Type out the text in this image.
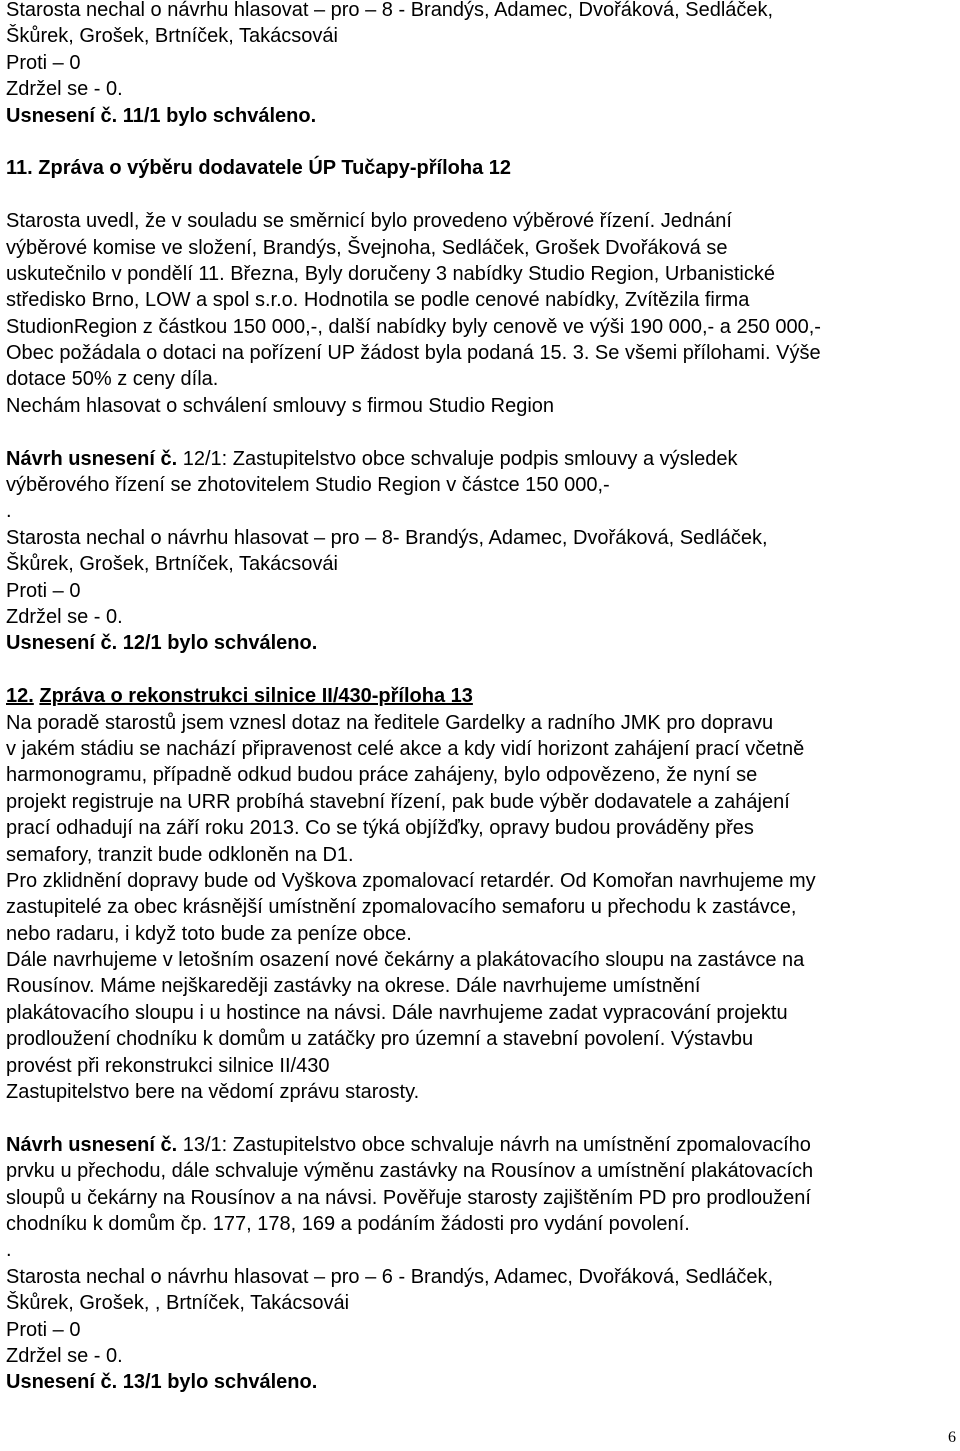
Starosta nechal o návrhu hlasovat – pro – 8 - Brandýs, Adamec, Dvořáková, Sedláček,
Škůrek, Grošek, Brtníček, Takácsovái
Proti – 0
Zdržel se - 0.
Usnesení č. 11/1 bylo schváleno.
11. Zpráva o výběru dodavatele ÚP Tučapy-příloha 12
Starosta uvedl, že v souladu se směrnicí bylo provedeno výběrové řízení. Jednání
výběrové komise ve složení, Brandýs, Švejnoha, Sedláček, Grošek Dvořáková se
uskutečnilo v pondělí 11. Března, Byly doručeny 3 nabídky Studio Region, Urbanistické
středisko Brno, LOW a spol s.r.o. Hodnotila se podle cenové nabídky, Zvítězila firma
StudionRegion z částkou 150 000,-, další nabídky byly cenově ve výši 190 000,- a 250 000,-
Obec požádala o dotaci na pořízení UP žádost byla podaná 15. 3. Se všemi přílohami. Výše
dotace 50% z ceny díla.
Nechám hlasovat o schválení smlouvy s firmou Studio Region
Návrh usnesení č. 12/1: Zastupitelstvo obce schvaluje podpis smlouvy a výsledek
výběrového řízení se zhotovitelem Studio Region v částce 150 000,-
.
Starosta nechal o návrhu hlasovat – pro – 8- Brandýs, Adamec, Dvořáková, Sedláček,
Škůrek, Grošek, Brtníček, Takácsovái
Proti – 0
Zdržel se - 0.
Usnesení č. 12/1 bylo schváleno.
12. Zpráva o rekonstrukci silnice II/430-příloha 13
Na poradě starostů jsem vznesl dotaz na ředitele Gardelky a radního JMK pro dopravu
v jakém stádiu se nachází připravenost celé akce a kdy vidí horizont zahájení prací včetně
harmonogramu, případně odkud budou práce zahájeny, bylo odpovězeno, že nyní se
projekt registruje na URR probíhá stavební řízení, pak bude výběr dodavatele a zahájení
prací odhadují na září roku 2013. Co se týká objížďky, opravy budou prováděny přes
semafory, tranzit bude odkloněn na D1.
Pro zklidnění dopravy bude od Vyškova zpomalovací retardér. Od Komořan navrhujeme my
zastupitelé za obec krásnější umístnění zpomalovacího semaforu u přechodu k zastávce,
nebo radaru, i když toto bude za peníze obce.
Dále navrhujeme v letošním osazení nové čekárny a plakátovacího sloupu na zastávce na
Rousínov. Máme nejškareději zastávky na okrese. Dále navrhujeme umístnění
plakátovacího sloupu i u hostince na návsi. Dále navrhujeme zadat vypracování projektu
prodloužení chodníku k domům u zatáčky pro územní a stavební povolení. Výstavbu
provést při rekonstrukci silnice II/430
Zastupitelstvo bere na vědomí zprávu starosty.
Návrh usnesení č. 13/1: Zastupitelstvo obce schvaluje návrh na umístnění zpomalovacího
prvku u přechodu, dále schvaluje výměnu zastávky na Rousínov a umístnění plakátovacích
sloupů u čekárny na Rousínov a na návsi. Pověřuje starosty zajištěním PD pro prodloužení
chodníku k domům čp. 177, 178, 169 a podáním žádosti pro vydání povolení.
.
Starosta nechal o návrhu hlasovat – pro – 6 - Brandýs, Adamec, Dvořáková, Sedláček,
Škůrek, Grošek, , Brtníček, Takácsovái
Proti – 0
Zdržel se - 0.
Usnesení č. 13/1 bylo schváleno.
6
